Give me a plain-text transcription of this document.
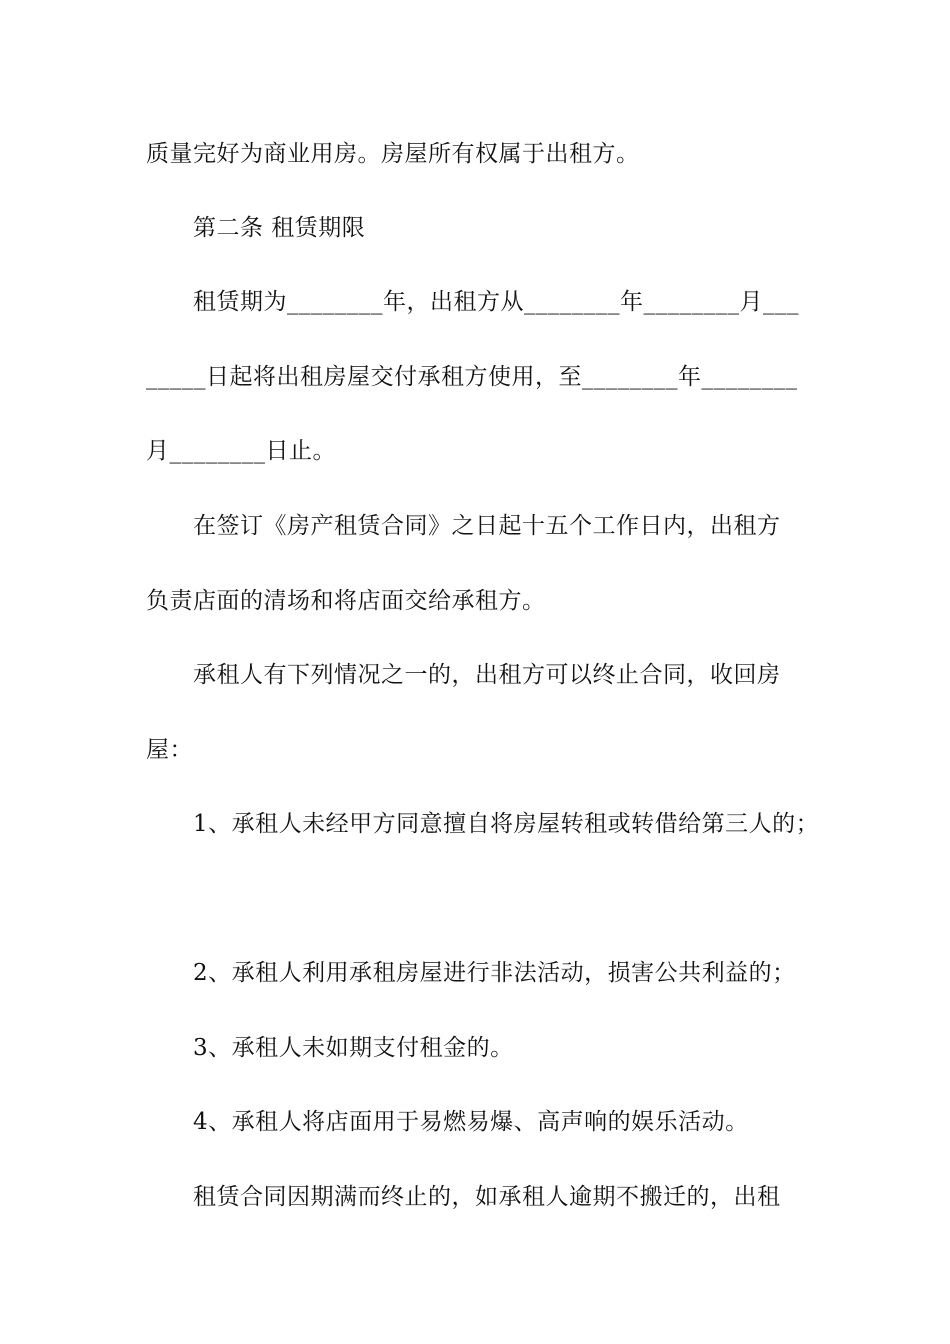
质量完好为商业用房。房屋所有权属于出租方。
第二条 租赁期限
租赁期为________年，出租方从________年________月___
_____日起将出租房屋交付承租方使用，至________年________
月________日止。
在签订《房产租赁合同》之日起十五个工作日内，出租方
负责店面的清场和将店面交给承租方。
承租人有下列情况之一的，出租方可以终止合同，收回房
屋：
1、承租人未经甲方同意擅自将房屋转租或转借给第三人的；
2、承租人利用承租房屋进行非法活动，损害公共利益的；
3、承租人未如期支付租金的。
4、承租人将店面用于易燃易爆、高声响的娱乐活动。
租赁合同因期满而终止的，如承租人逾期不搬迁的，出租
